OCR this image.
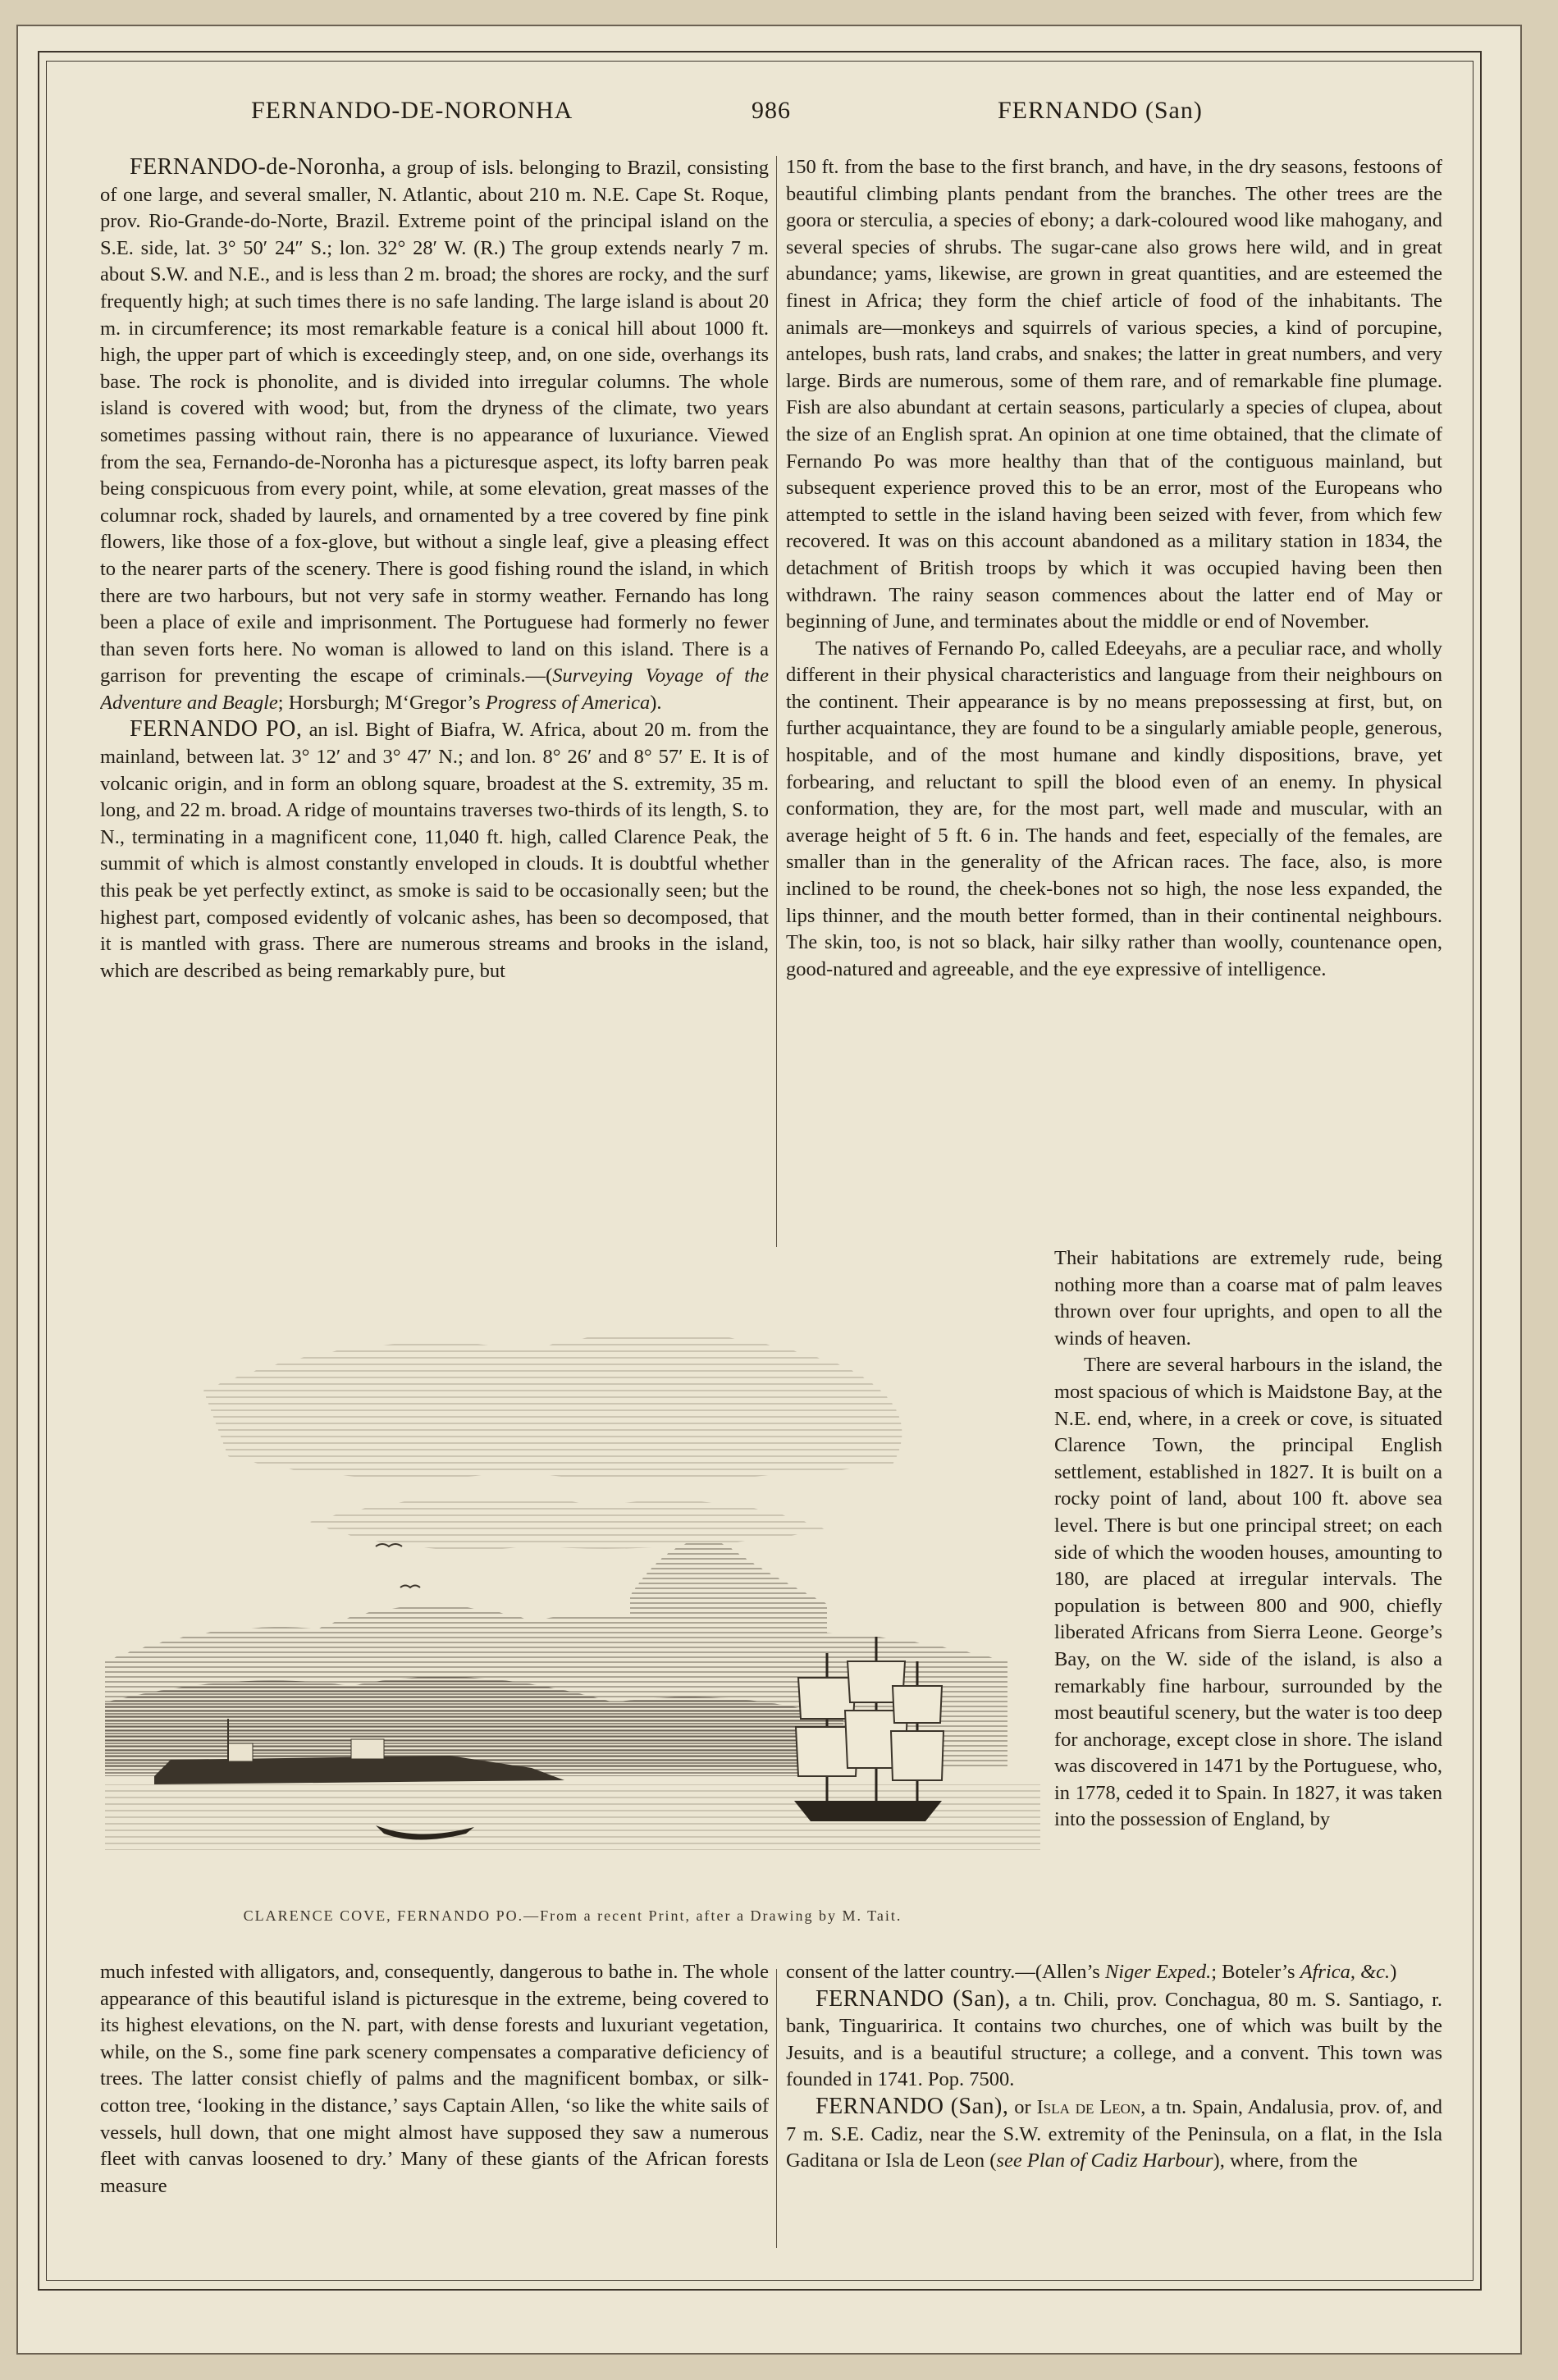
FERNANDO-DE-NORONHA	986	FERNANDO (San)

FERNANDO-de-Noronha, a group of isls. belonging to Brazil, consisting of one large, and several smaller, N. Atlantic, about 210 m. N.E. Cape St. Roque, prov. Rio-Grande-do-Norte, Brazil. Extreme point of the principal island on the S.E. side, lat. 3° 50′ 24″ S.; lon. 32° 28′ W. (R.) The group extends nearly 7 m. about S.W. and N.E., and is less than 2 m. broad; the shores are rocky, and the surf frequently high; at such times there is no safe landing. The large island is about 20 m. in circumference; its most remarkable feature is a conical hill about 1000 ft. high, the upper part of which is exceedingly steep, and, on one side, overhangs its base. The rock is phonolite, and is divided into irregular columns. The whole island is covered with wood; but, from the dryness of the climate, two years sometimes passing without rain, there is no appearance of luxuriance. Viewed from the sea, Fernando-de-Noronha has a picturesque aspect, its lofty barren peak being conspicuous from every point, while, at some elevation, great masses of the columnar rock, shaded by laurels, and ornamented by a tree covered by fine pink flowers, like those of a fox-glove, but without a single leaf, give a pleasing effect to the nearer parts of the scenery. There is good fishing round the island, in which there are two harbours, but not very safe in stormy weather. Fernando has long been a place of exile and imprisonment. The Portuguese had formerly no fewer than seven forts here. No woman is allowed to land on this island. There is a garrison for preventing the escape of criminals.—(Surveying Voyage of the Adventure and Beagle; Horsburgh; M‘Gregor’s Progress of America).

FERNANDO PO, an isl. Bight of Biafra, W. Africa, about 20 m. from the mainland, between lat. 3° 12′ and 3° 47′ N.; and lon. 8° 26′ and 8° 57′ E. It is of volcanic origin, and in form an oblong square, broadest at the S. extremity, 35 m. long, and 22 m. broad. A ridge of mountains traverses two-thirds of its length, S. to N., terminating in a magnificent cone, 11,040 ft. high, called Clarence Peak, the summit of which is almost constantly enveloped in clouds. It is doubtful whether this peak be yet perfectly extinct, as smoke is said to be occasionally seen; but the highest part, composed evidently of volcanic ashes, has been so decomposed, that it is mantled with grass. There are numerous streams and brooks in the island, which are described as being remarkably pure, but

150 ft. from the base to the first branch, and have, in the dry seasons, festoons of beautiful climbing plants pendant from the branches. The other trees are the goora or sterculia, a species of ebony; a dark-coloured wood like mahogany, and several species of shrubs. The sugar-cane also grows here wild, and in great abundance; yams, likewise, are grown in great quantities, and are esteemed the finest in Africa; they form the chief article of food of the inhabitants. The animals are—monkeys and squirrels of various species, a kind of porcupine, antelopes, bush rats, land crabs, and snakes; the latter in great numbers, and very large. Birds are numerous, some of them rare, and of remarkable fine plumage. Fish are also abundant at certain seasons, particularly a species of clupea, about the size of an English sprat. An opinion at one time obtained, that the climate of Fernando Po was more healthy than that of the contiguous mainland, but subsequent experience proved this to be an error, most of the Europeans who attempted to settle in the island having been seized with fever, from which few recovered. It was on this account abandoned as a military station in 1834, the detachment of British troops by which it was occupied having been then withdrawn. The rainy season commences about the latter end of May or beginning of June, and terminates about the middle or end of November.

The natives of Fernando Po, called Edeeyahs, are a peculiar race, and wholly different in their physical characteristics and language from their neighbours on the continent. Their appearance is by no means prepossessing at first, but, on further acquaintance, they are found to be a singularly amiable people, generous, hospitable, and of the most humane and kindly dispositions, brave, yet forbearing, and reluctant to spill the blood even of an enemy. In physical conformation, they are, for the most part, well made and muscular, with an average height of 5 ft. 6 in. The hands and feet, especially of the females, are smaller than in the generality of the African races. The face, also, is more inclined to be round, the cheek-bones not so high, the nose less expanded, the lips thinner, and the mouth better formed, than in their continental neighbours. The skin, too, is not so black, hair silky rather than woolly, countenance open, good-natured and agreeable, and the eye expressive of intelligence.

Their habitations are extremely rude, being nothing more than a coarse mat of palm leaves thrown over four uprights, and open to all the winds of heaven.

There are several harbours in the island, the most spacious of which is Maidstone Bay, at the N.E. end, where, in a creek or cove, is situated Clarence Town, the principal English settlement, established in 1827. It is built on a rocky point of land, about 100 ft. above sea level. There is but one principal street; on each side of which the wooden houses, amounting to 180, are placed at irregular intervals. The population is between 800 and 900, chiefly liberated Africans from Sierra Leone. George’s Bay, on the W. side of the island, is also a remarkably fine harbour, surrounded by the most beautiful scenery, but the water is too deep for anchorage, except close in shore. The island was discovered in 1471 by the Portuguese, who, in 1778, ceded it to Spain. In 1827, it was taken into the possession of England, by

CLARENCE COVE, FERNANDO PO.—From a recent Print, after a Drawing by M. Tait.

much infested with alligators, and, consequently, dangerous to bathe in. The whole appearance of this beautiful island is picturesque in the extreme, being covered to its highest elevations, on the N. part, with dense forests and luxuriant vegetation, while, on the S., some fine park scenery compensates a comparative deficiency of trees. The latter consist chiefly of palms and the magnificent bombax, or silk-cotton tree, ‘looking in the distance,’ says Captain Allen, ‘so like the white sails of vessels, hull down, that one might almost have supposed they saw a numerous fleet with canvas loosened to dry.’ Many of these giants of the African forests measure

consent of the latter country.—(Allen’s Niger Exped.; Boteler’s Africa, &c.)

FERNANDO (San), a tn. Chili, prov. Conchagua, 80 m. S. Santiago, r. bank, Tinguaririca. It contains two churches, one of which was built by the Jesuits, and is a beautiful structure; a college, and a convent. This town was founded in 1741. Pop. 7500.

FERNANDO (San), or Isla de Leon, a tn. Spain, Andalusia, prov. of, and 7 m. S.E. Cadiz, near the S.W. extremity of the Peninsula, on a flat, in the Isla Gaditana or Isla de Leon (see Plan of Cadiz Harbour), where, from the
